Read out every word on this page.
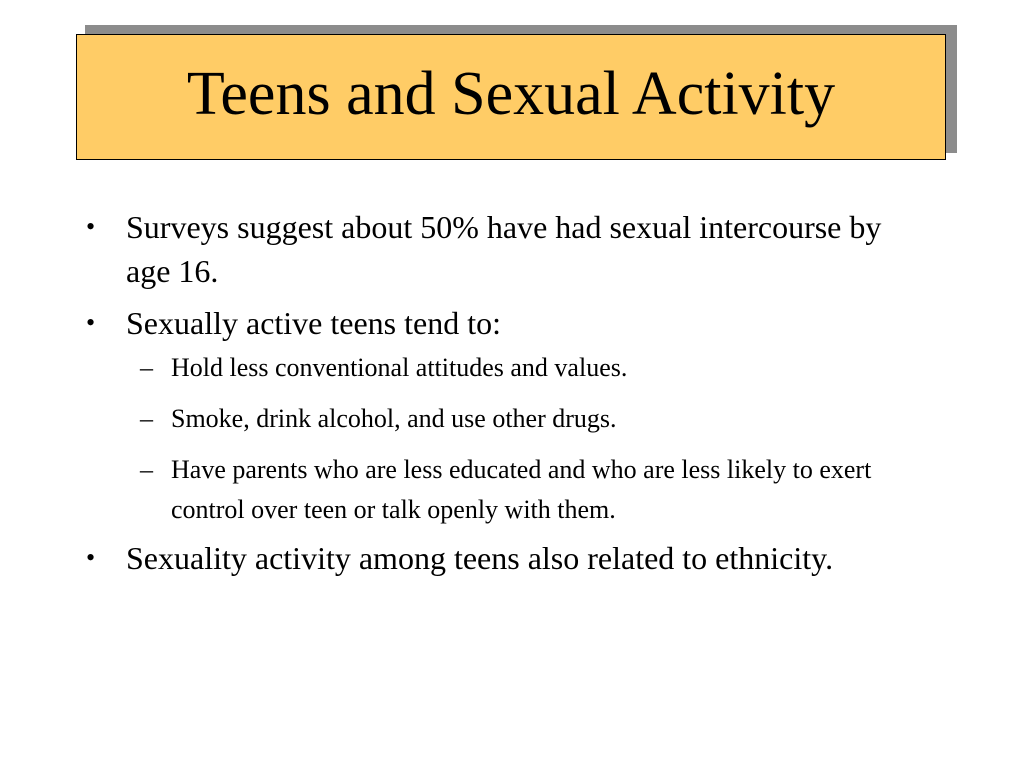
Teens and Sexual Activity
• Surveys suggest about 50% have had sexual intercourse by age 16.
• Sexually active teens tend to:
– Hold less conventional attitudes and values.
– Smoke, drink alcohol, and use other drugs.
– Have parents who are less educated and who are less likely to exert control over teen or talk openly with them.
• Sexuality activity among teens also related to ethnicity.
